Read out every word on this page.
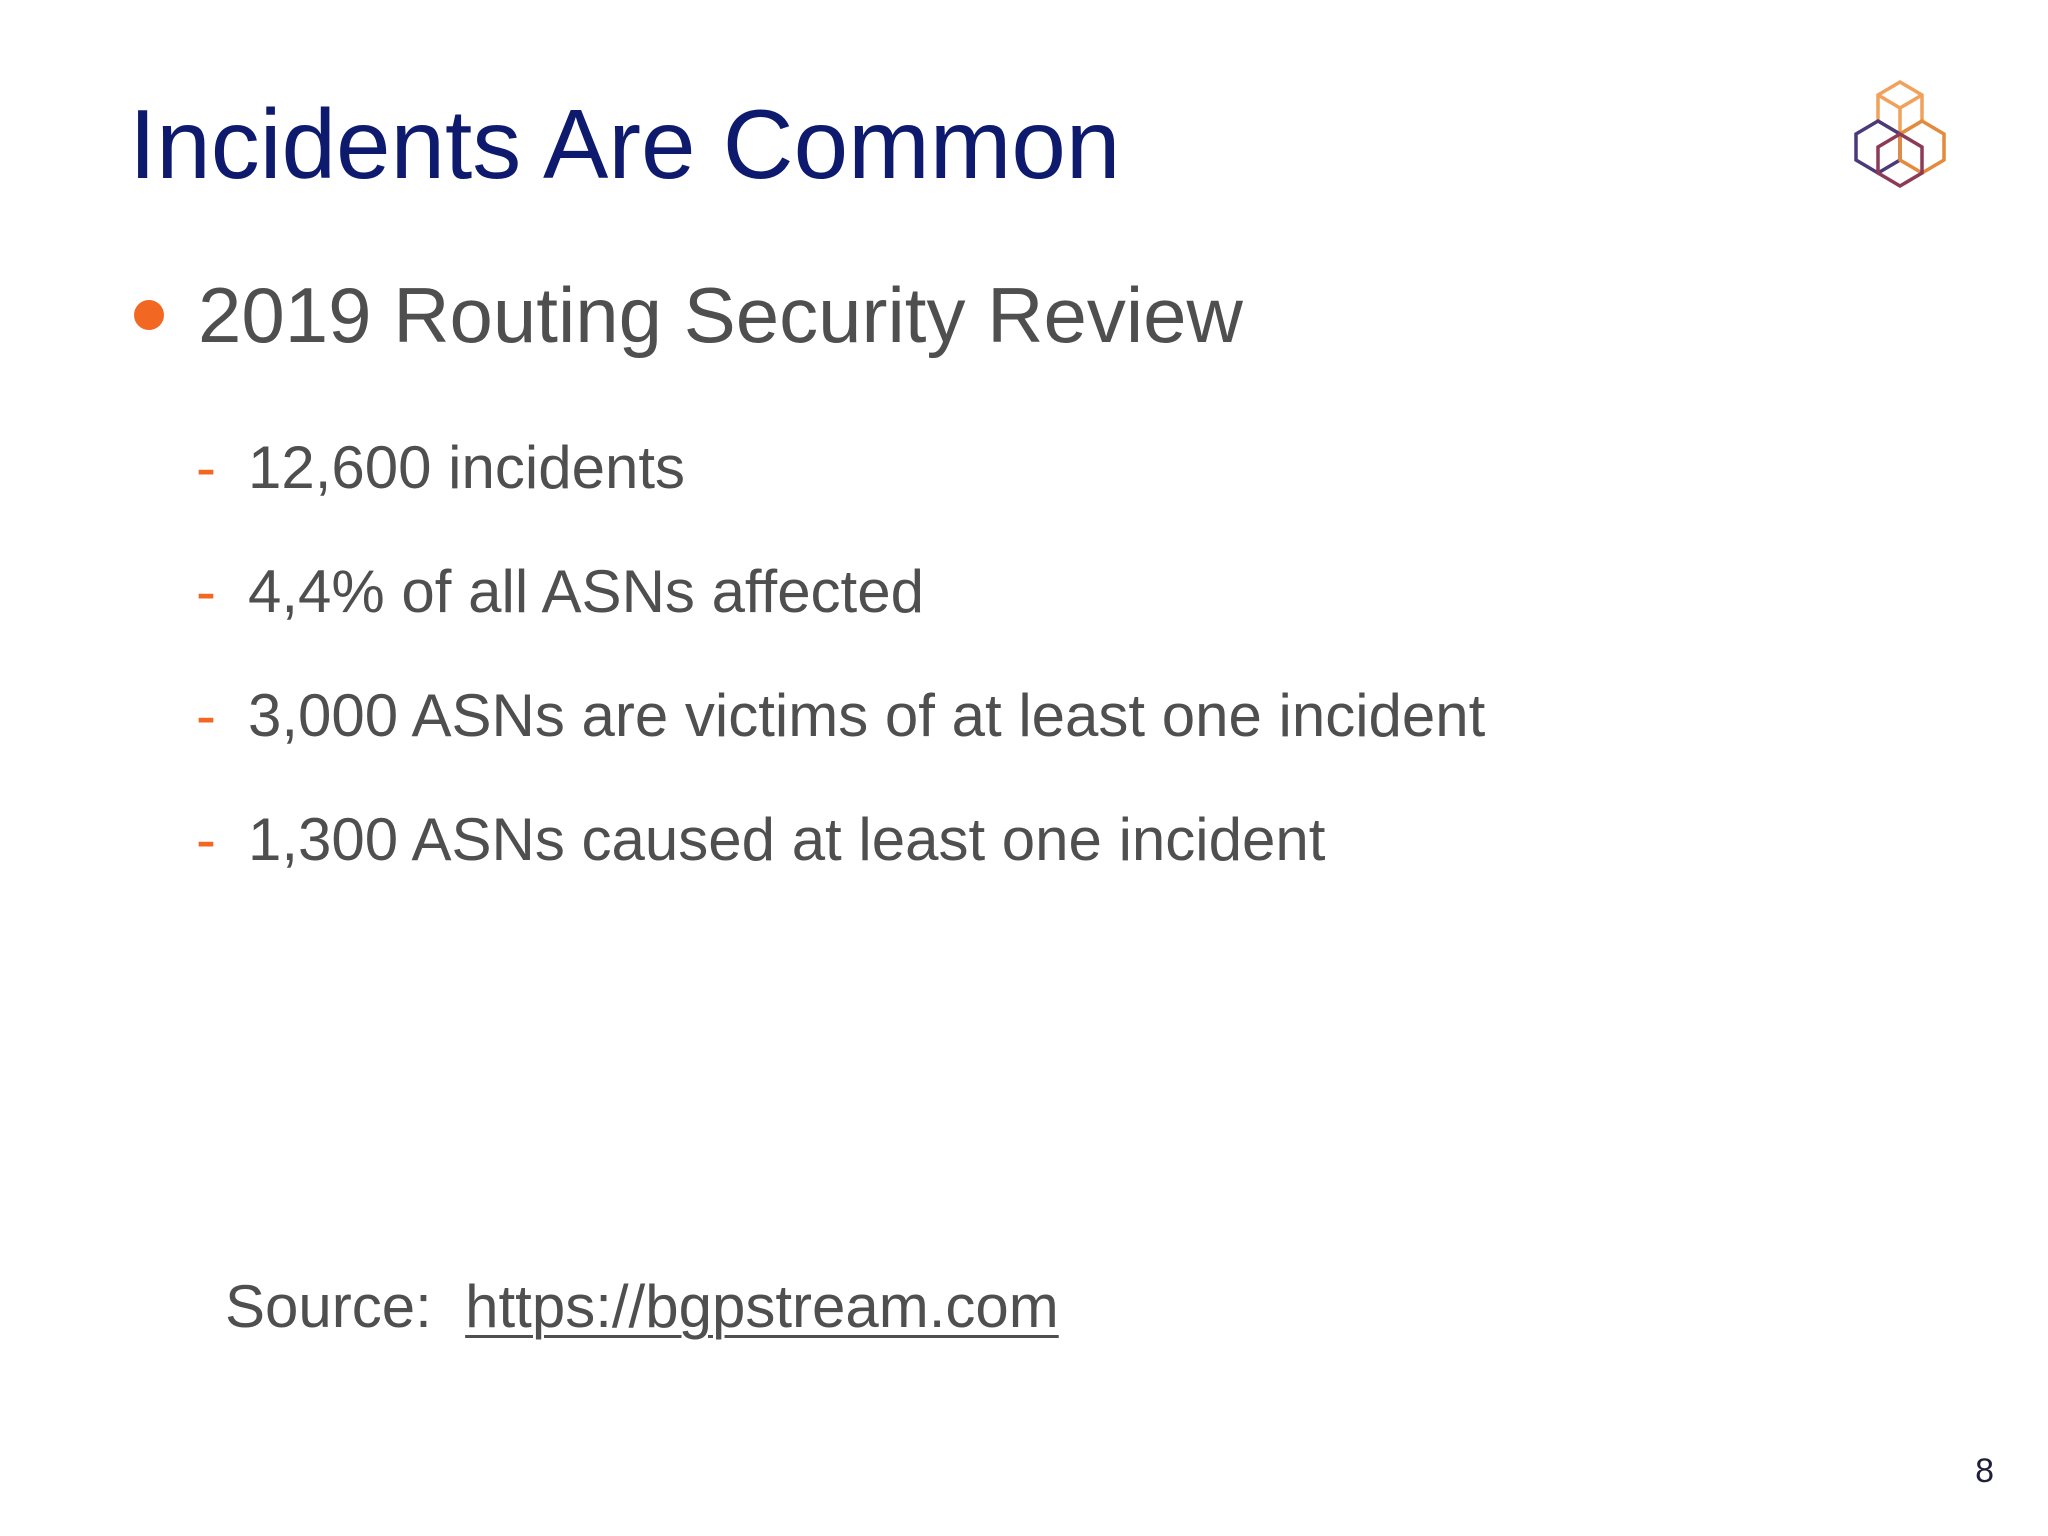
Incidents Are Common
2019 Routing Security Review
- 12,600 incidents
- 4,4% of all ASNs affected
- 3,000 ASNs are victims of at least one incident
- 1,300 ASNs caused at least one incident
Source:  https://bgpstream.com
8
